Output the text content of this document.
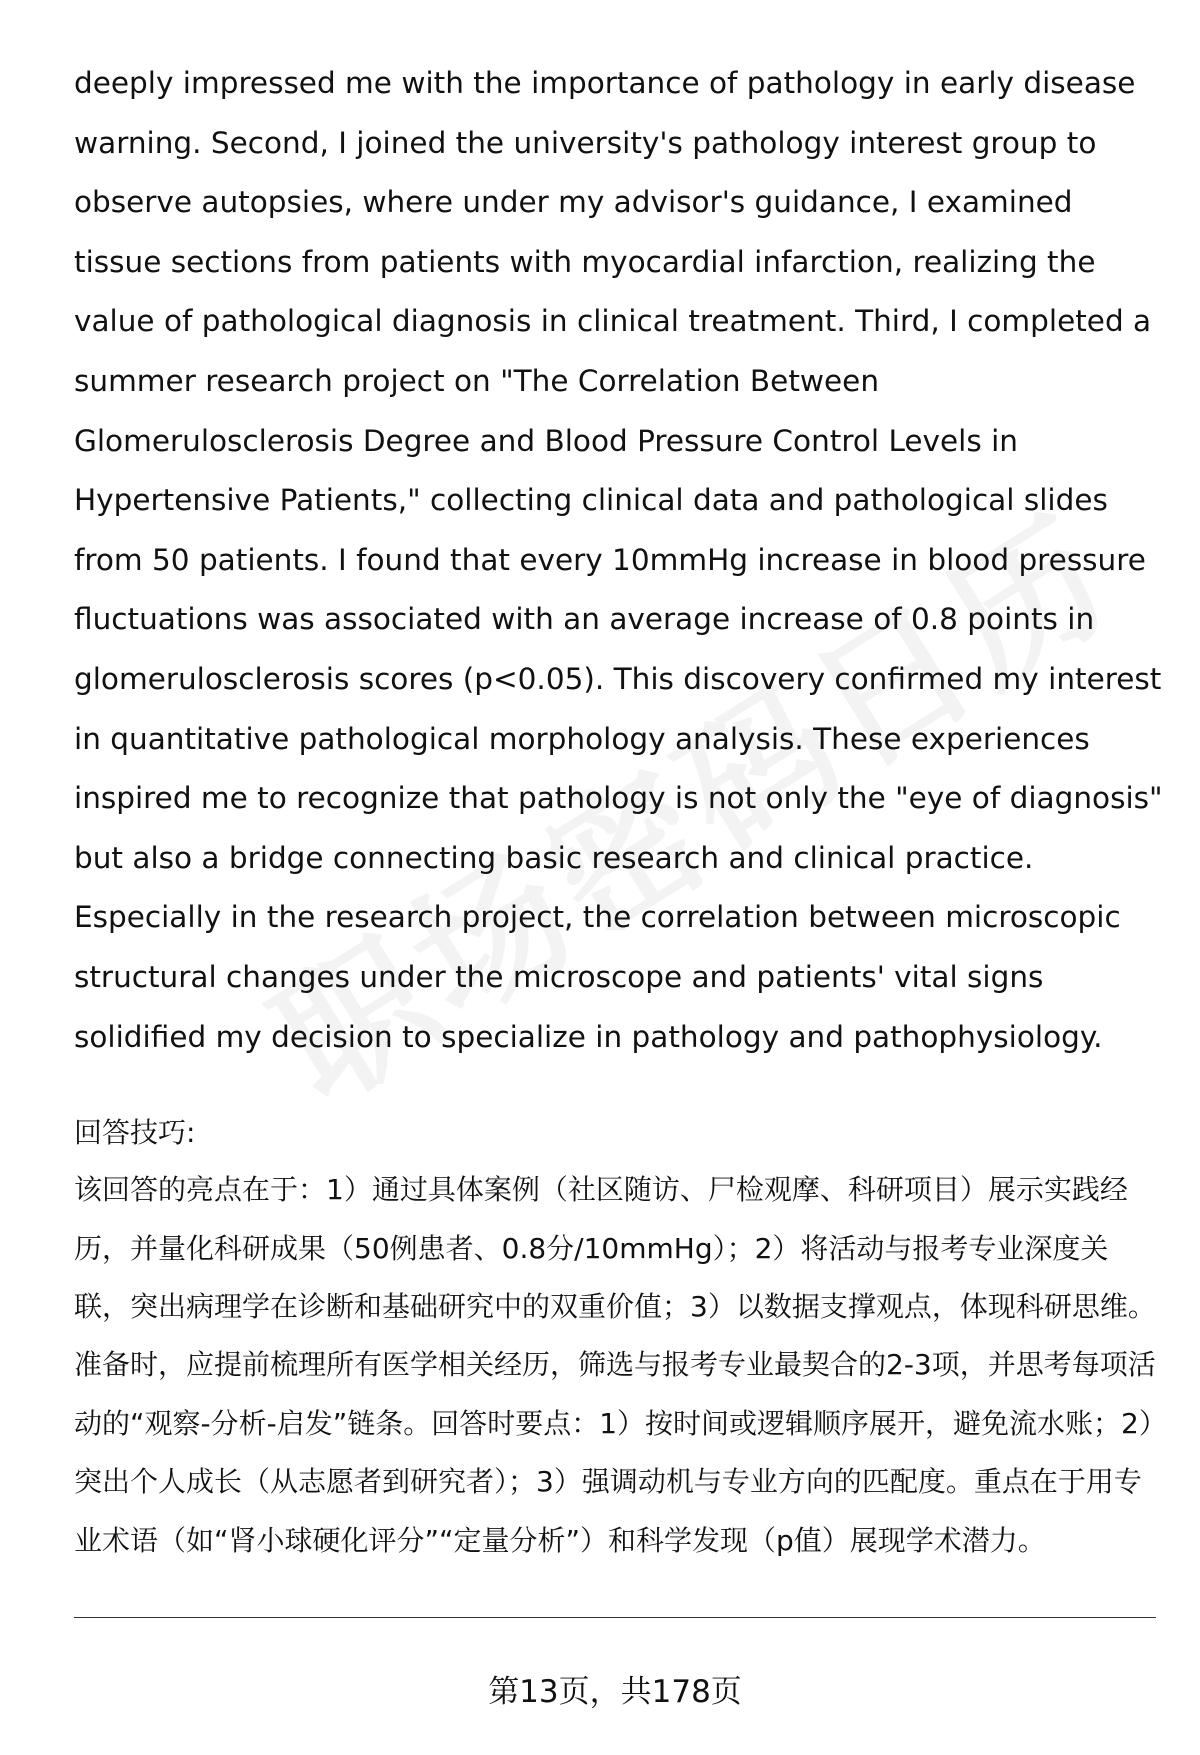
deeply impressed me with the importance of pathology in early disease warning. Second, I joined the university's pathology interest group to observe autopsies, where under my advisor's guidance, I examined tissue sections from patients with myocardial infarction, realizing the value of pathological diagnosis in clinical treatment. Third, I completed a summer research project on "The Correlation Between Glomerulosclerosis Degree and Blood Pressure Control Levels in Hypertensive Patients," collecting clinical data and pathological slides from 50 patients. I found that every 10mmHg increase in blood pressure fluctuations was associated with an average increase of 0.8 points in glomerulosclerosis scores (p<0.05). This discovery confirmed my interest in quantitative pathological morphology analysis. These experiences inspired me to recognize that pathology is not only the "eye of diagnosis" but also a bridge connecting basic research and clinical practice. Especially in the research project, the correlation between microscopic structural changes under the microscope and patients' vital signs solidified my decision to specialize in pathology and pathophysiology.

回答技巧:

该回答的亮点在于：1）通过具体案例（社区随访、尸检观摩、科研项目）展示实践经历，并量化科研成果（50例患者、0.8分/10mmHg）；2）将活动与报考专业深度关联，突出病理学在诊断和基础研究中的双重价值；3）以数据支撑观点，体现科研思维。准备时，应提前梳理所有医学相关经历，筛选与报考专业最契合的2-3项，并思考每项活动的“观察-分析-启发”链条。回答时要点：1）按时间或逻辑顺序展开，避免流水账；2）突出个人成长（从志愿者到研究者）；3）强调动机与专业方向的匹配度。重点在于用专业术语（如“肾小球硬化评分”“定量分析”）和科学发现（p值）展现学术潜力。

第13页，共178页
